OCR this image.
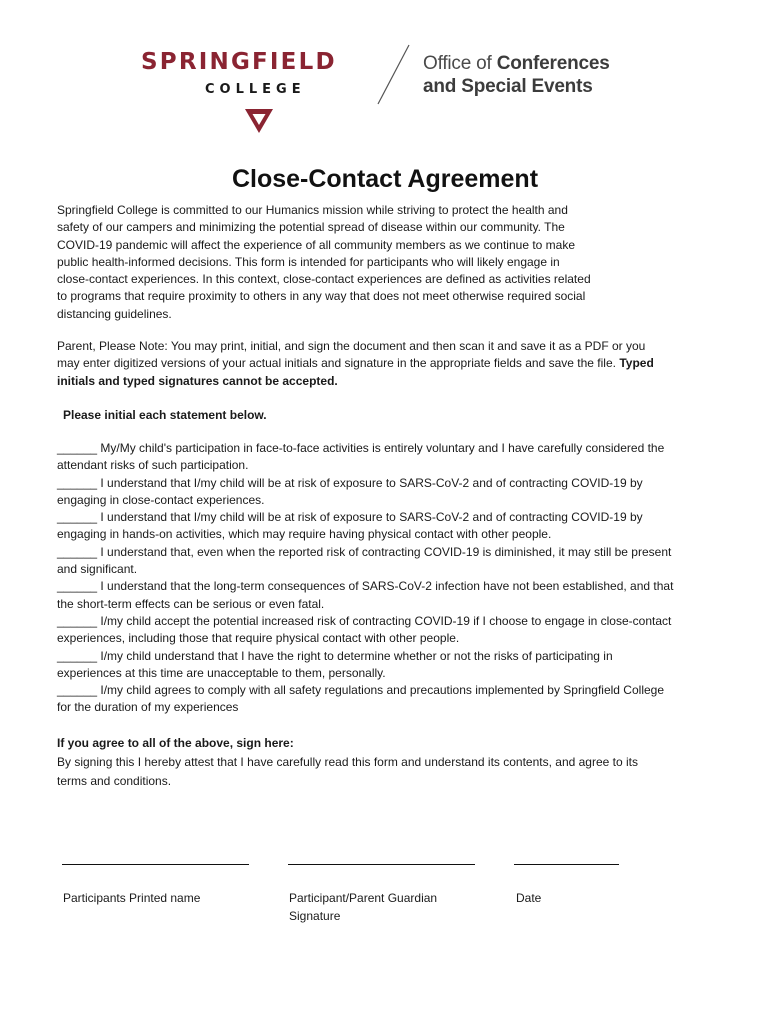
SPRINGFIELD
COLLEGE
Office of Conferences
and Special Events
Close-Contact Agreement
Springfield College is committed to our Humanics mission while striving to protect the health and
safety of our campers and minimizing the potential spread of disease within our community. The
COVID-19 pandemic will affect the experience of all community members as we continue to make
public health-informed decisions. This form is intended for participants who will likely engage in
close-contact experiences. In this context, close-contact experiences are defined as activities related
to programs that require proximity to others in any way that does not meet otherwise required social
distancing guidelines.
Parent, Please Note: You may print, initial, and sign the document and then scan it and save it as a PDF or you
may enter digitized versions of your actual initials and signature in the appropriate fields and save the file. Typed
initials and typed signatures cannot be accepted.
Please initial each statement below.
______ My/My child's participation in face-to-face activities is entirely voluntary and I have carefully considered the
attendant risks of such participation.
______ I understand that I/my child will be at risk of exposure to SARS-CoV-2 and of contracting COVID-19 by
engaging in close-contact experiences.
______ I understand that I/my child will be at risk of exposure to SARS-CoV-2 and of contracting COVID-19 by
engaging in hands-on activities, which may require having physical contact with other people.
______ I understand that, even when the reported risk of contracting COVID-19 is diminished, it may still be present
and significant.
______ I understand that the long-term consequences of SARS-CoV-2 infection have not been established, and that
the short-term effects can be serious or even fatal.
______ I/my child accept the potential increased risk of contracting COVID-19 if I choose to engage in close-contact
experiences, including those that require physical contact with other people.
______ I/my child understand that I have the right to determine whether or not the risks of participating in
experiences at this time are unacceptable to them, personally.
______ I/my child agrees to comply with all safety regulations and precautions implemented by Springfield College
for the duration of my experiences
If you agree to all of the above, sign here:
By signing this I hereby attest that I have carefully read this form and understand its contents, and agree to its
terms and conditions.
Participants Printed name	Participant/Parent Guardian
Signature
Date
